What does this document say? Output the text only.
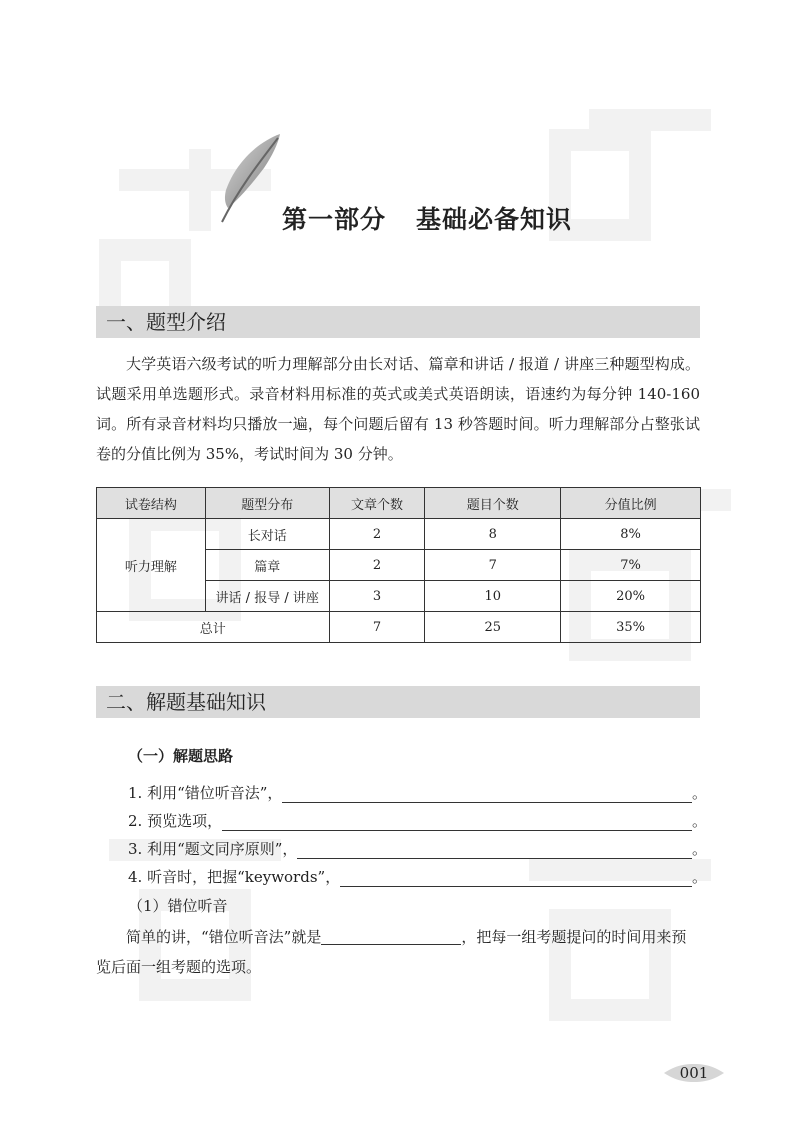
第一部分 基础必备知识
一、题型介绍
大学英语六级考试的听力理解部分由长对话、篇章和讲话 / 报道 / 讲座三种题型构成。试题采用单选题形式。录音材料用标准的英式或美式英语朗读，语速约为每分钟 140-160 词。所有录音材料均只播放一遍，每个问题后留有 13 秒答题时间。听力理解部分占整张试卷的分值比例为 35%，考试时间为 30 分钟。
试卷结构	题型分布	文章个数	题目个数	分值比例
听力理解	长对话	2	8	8%
	篇章	2	7	7%
	讲话 / 报导 / 讲座	3	10	20%
总计		7	25	35%
二、解题基础知识
（一）解题思路
1. 利用“错位听音法”，	。
2. 预览选项，	。
3. 利用“题文同序原则”，	。
4. 听音时，把握“keywords”，	。
（1）错位听音
简单的讲，“错位听音法”就是	，把每一组考题提问的时间用来预览后面一组考题的选项。
001
